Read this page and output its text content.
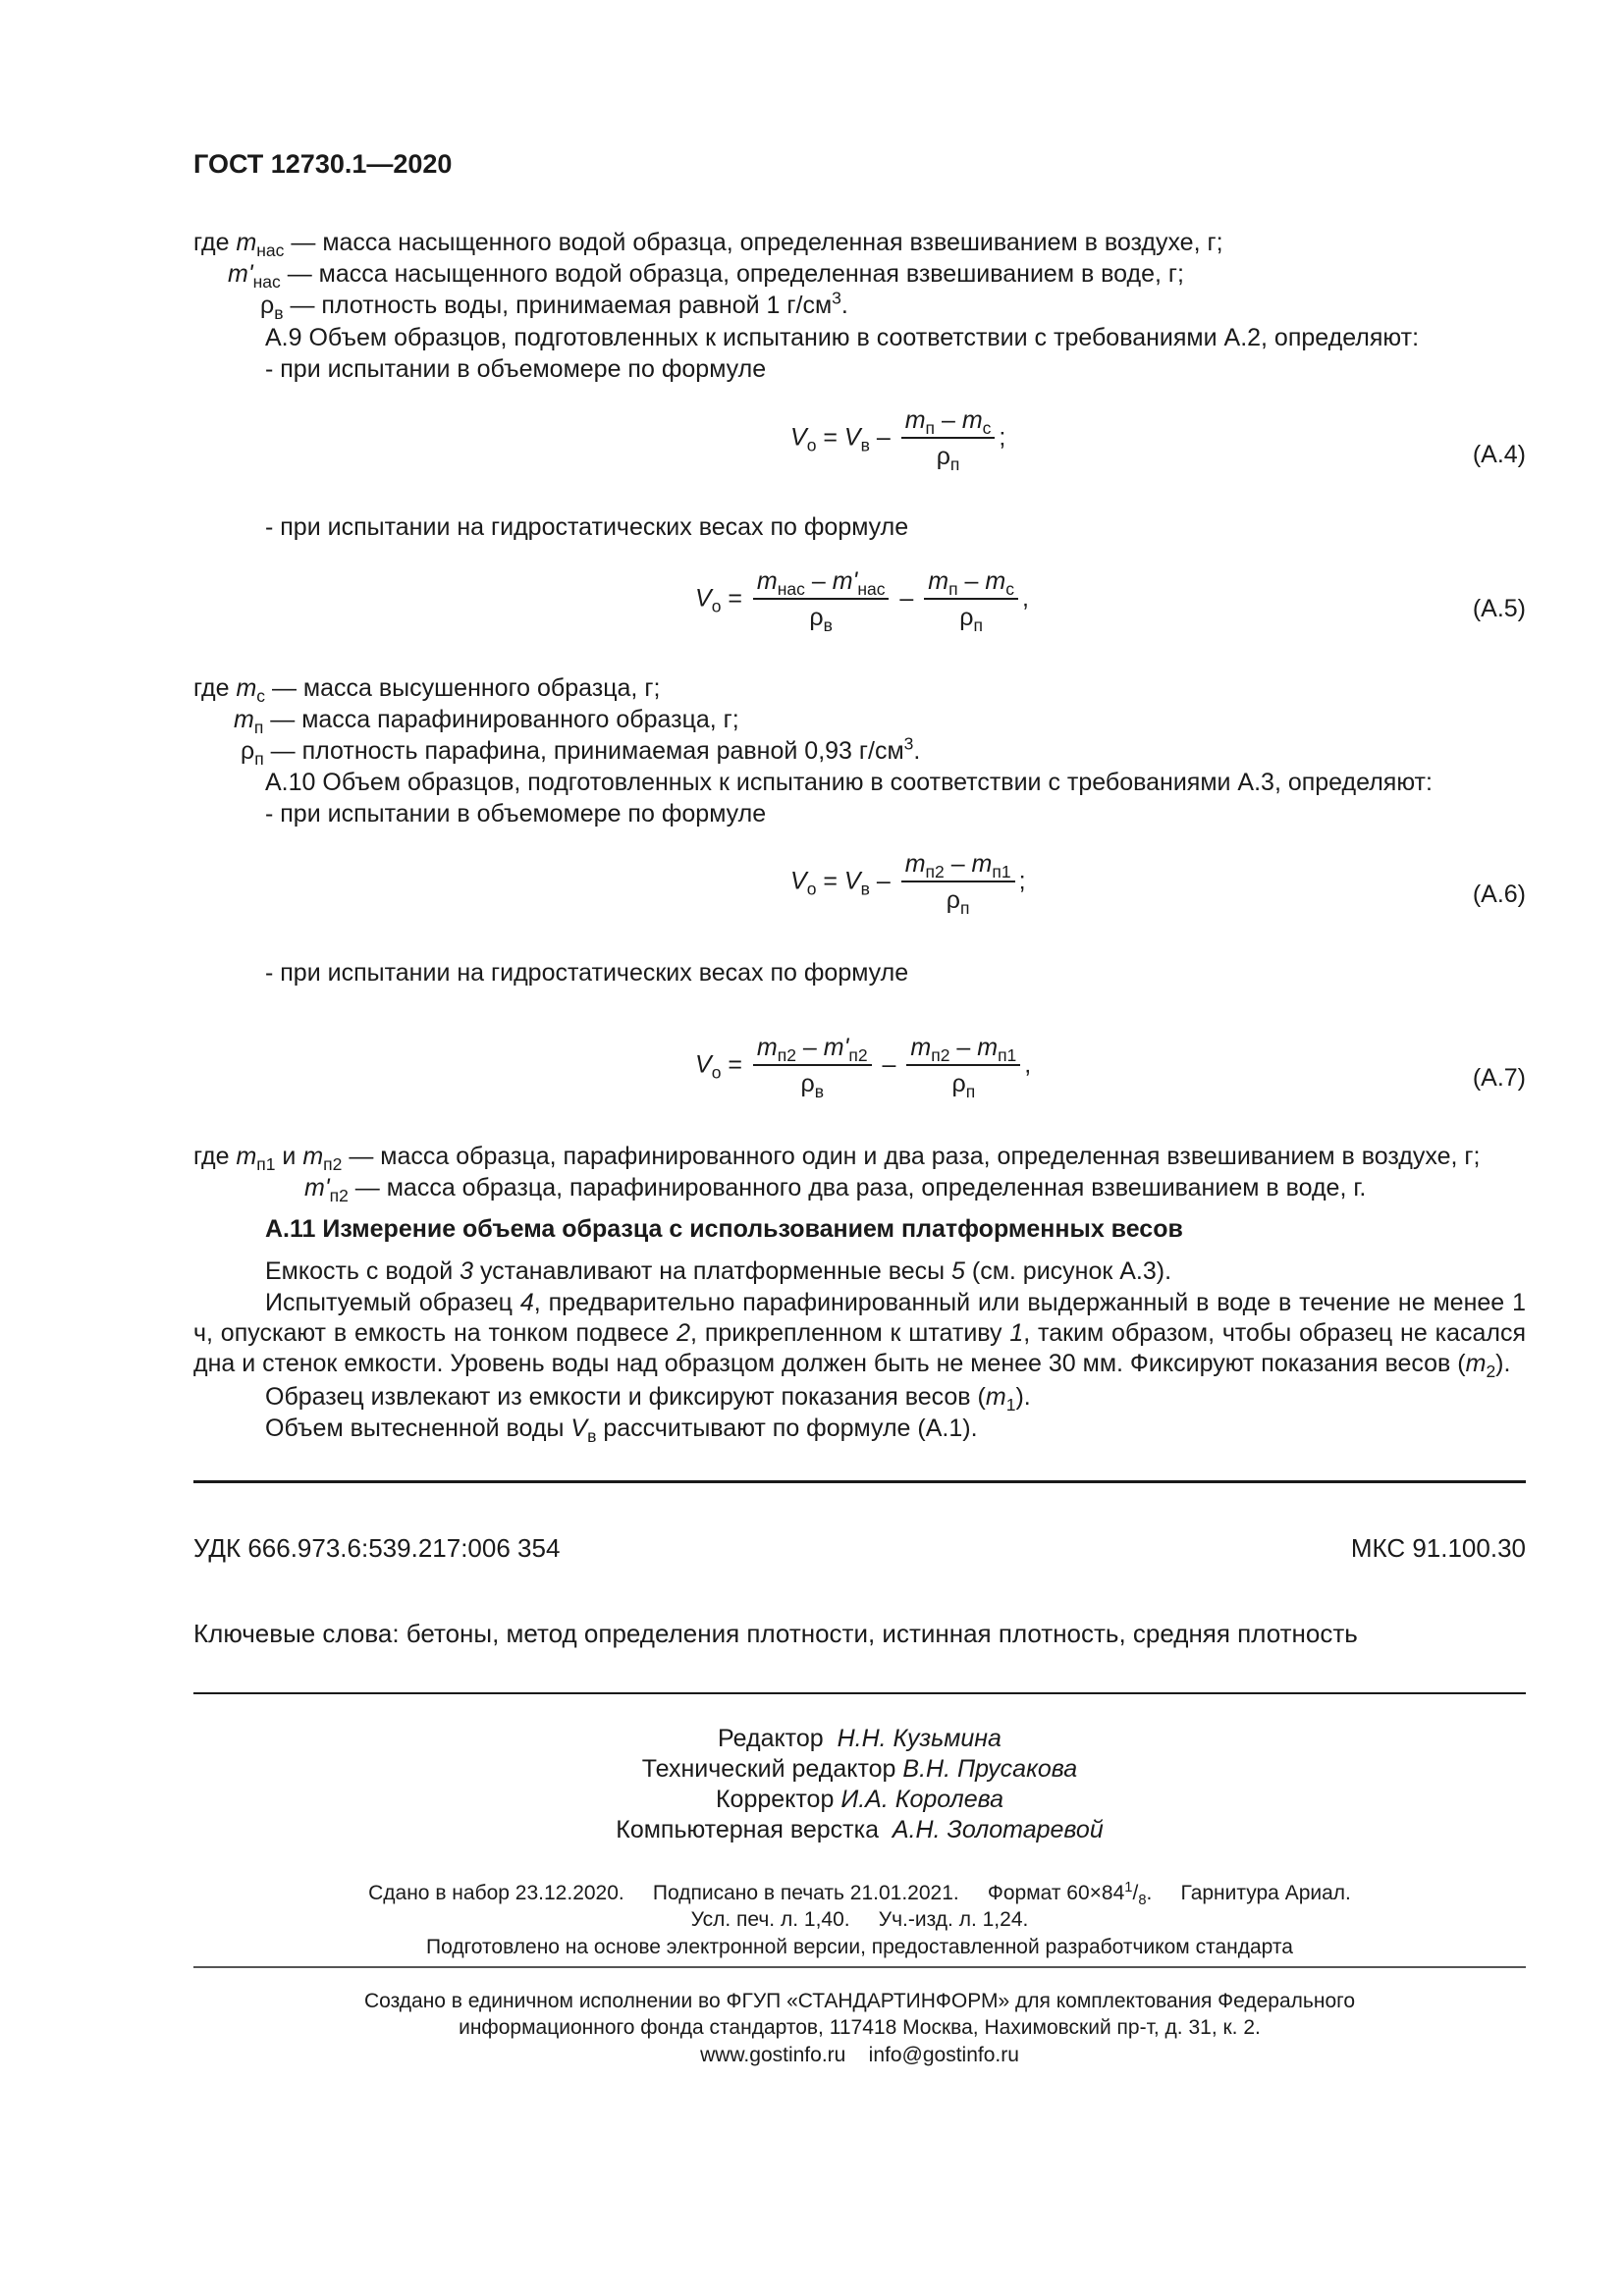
ГОСТ 12730.1—2020
где $m_{нас}$ — масса насыщенного водой образца, определенная взвешиванием в воздухе, г;
$m'_{нас}$ — масса насыщенного водой образца, определенная взвешиванием в воде, г;
$\rho_в$ — плотность воды, принимаемая равной 1 $г/см^3$.
А.9 Объем образцов, подготовленных к испытанию в соответствии с требованиями А.2, определяют:
- при испытании в объемомере по формуле
$V_о = V_в - \frac{m_п - m_с}{\rho_п}$ ;
(А.4)
- при испытании на гидростатических весах по формуле
$V_о = \frac{m_{нас} - m'_{нас}}{\rho_в} - \frac{m_п - m_с}{\rho_п}$ ,	(А.5)
где $m_с$ — масса высушенного образца, г;
$m_п$ — масса парафинированного образца, г;
$\rho_п$ — плотность парафина, принимаемая равной 0,93 $г/см^3$.
А.10 Объем образцов, подготовленных к испытанию в соответствии с требованиями А.3, определяют:
- при испытании в объемомере по формуле
$V_о = V_в - \frac{m_{п2} - m_{п1}}{\rho_п}$ ;	(А.6)
- при испытании на гидростатических весах по формуле
$V_о = \frac{m_{п2} - m'_{п2}}{\rho_в} - \frac{m_{п2} - m_{п1}}{\rho_п}$ ,	(А.7)
где $m_{п1}$ и $m_{п2}$ — масса образца, парафинированного один и два раза, определенная взвешиванием в воздухе, г;
$m'_{п2}$ — масса образца, парафинированного два раза, определенная взвешиванием в воде, г.
А.11 Измерение объема образца с использованием платформенных весов
Емкость с водой 3 устанавливают на платформенные весы 5 (см. рисунок А.3).
Испытуемый образец 4, предварительно парафинированный или выдержанный в воде в течение не менее 1 ч, опускают в емкость на тонком подвесе 2, прикрепленном к штативу 1, таким образом, чтобы образец не касался дна и стенок емкости. Уровень воды над образцом должен быть не менее 30 мм. Фиксируют показания весов $(m_2)$.
Образец извлекают из емкости и фиксируют показания весов $(m_1)$.
Объем вытесненной воды $V_в$ рассчитывают по формуле (А.1).
УДК 666.973.6:539.217:006 354	МКС 91.100.30
Ключевые слова: бетоны, метод определения плотности, истинная плотность, средняя плотность
Редактор Н.Н. Кузьмина
Технический редактор В.Н. Прусакова
Корректор И.А. Королева
Компьютерная верстка А.Н. Золотаревой
Сдано в набор 23.12.2020.     Подписано в печать 21.01.2021.     Формат $60\times 84^1/_8$.     Гарнитура Ариал.
Усл. печ. л. 1,40.     Уч.-изд. л. 1,24.
Подготовлено на основе электронной версии, предоставленной разработчиком стандарта
Создано в единичном исполнении во ФГУП «СТАНДАРТИНФОРМ» для комплектования Федерального
информационного фонда стандартов, 117418 Москва, Нахимовский пр-т, д. 31, к. 2.
www.gostinfo.ru info@gostinfo.ru
